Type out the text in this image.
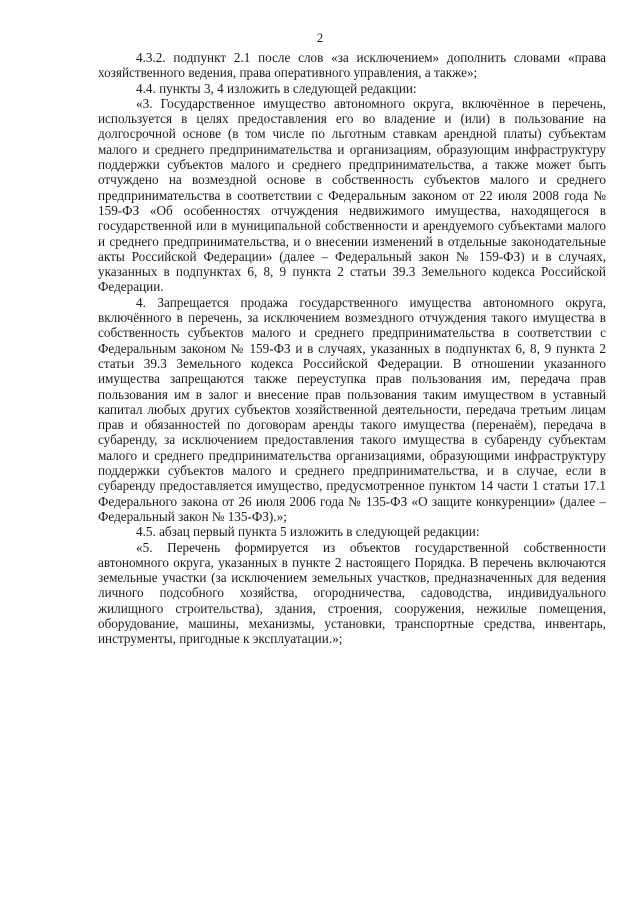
2

4.3.2. подпункт 2.1 после слов «за исключением» дополнить словами «права хозяйственного ведения, права оперативного управления, а также»;

4.4. пункты 3, 4 изложить в следующей редакции:

«3. Государственное имущество автономного округа, включённое в перечень, используется в целях предоставления его во владение и (или) в пользование на долгосрочной основе (в том числе по льготным ставкам арендной платы) субъектам малого и среднего предпринимательства и организациям, образующим инфраструктуру поддержки субъектов малого и среднего предпринимательства, а также может быть отчуждено на возмездной основе в собственность субъектов малого и среднего предпринимательства в соответствии с Федеральным законом от 22 июля 2008 года № 159-ФЗ «Об особенностях отчуждения недвижимого имущества, находящегося в государственной или в муниципальной собственности и арендуемого субъектами малого и среднего предпринимательства, и о внесении изменений в отдельные законодательные акты Российской Федерации» (далее – Федеральный закон № 159-ФЗ) и в случаях, указанных в подпунктах 6, 8, 9 пункта 2 статьи 39.3 Земельного кодекса Российской Федерации.

4. Запрещается продажа государственного имущества автономного округа, включённого в перечень, за исключением возмездного отчуждения такого имущества в собственность субъектов малого и среднего предпринимательства в соответствии с Федеральным законом № 159-ФЗ и в случаях, указанных в подпунктах 6, 8, 9 пункта 2 статьи 39.3 Земельного кодекса Российской Федерации. В отношении указанного имущества запрещаются также переуступка прав пользования им, передача прав пользования им в залог и внесение прав пользования таким имуществом в уставный капитал любых других субъектов хозяйственной деятельности, передача третьим лицам прав и обязанностей по договорам аренды такого имущества (перенаём), передача в субаренду, за исключением предоставления такого имущества в субаренду субъектам малого и среднего предпринимательства организациями, образующими инфраструктуру поддержки субъектов малого и среднего предпринимательства, и в случае, если в субаренду предоставляется имущество, предусмотренное пунктом 14 части 1 статьи 17.1 Федерального закона от 26 июля 2006 года № 135-ФЗ «О защите конкуренции» (далее – Федеральный закон № 135-ФЗ).»;

4.5. абзац первый пункта 5 изложить в следующей редакции:

«5. Перечень формируется из объектов государственной собственности автономного округа, указанных в пункте 2 настоящего Порядка. В перечень включаются земельные участки (за исключением земельных участков, предназначенных для ведения личного подсобного хозяйства, огородничества, садоводства, индивидуального жилищного строительства), здания, строения, сооружения, нежилые помещения, оборудование, машины, механизмы, установки, транспортные средства, инвентарь, инструменты, пригодные к эксплуатации.»;
